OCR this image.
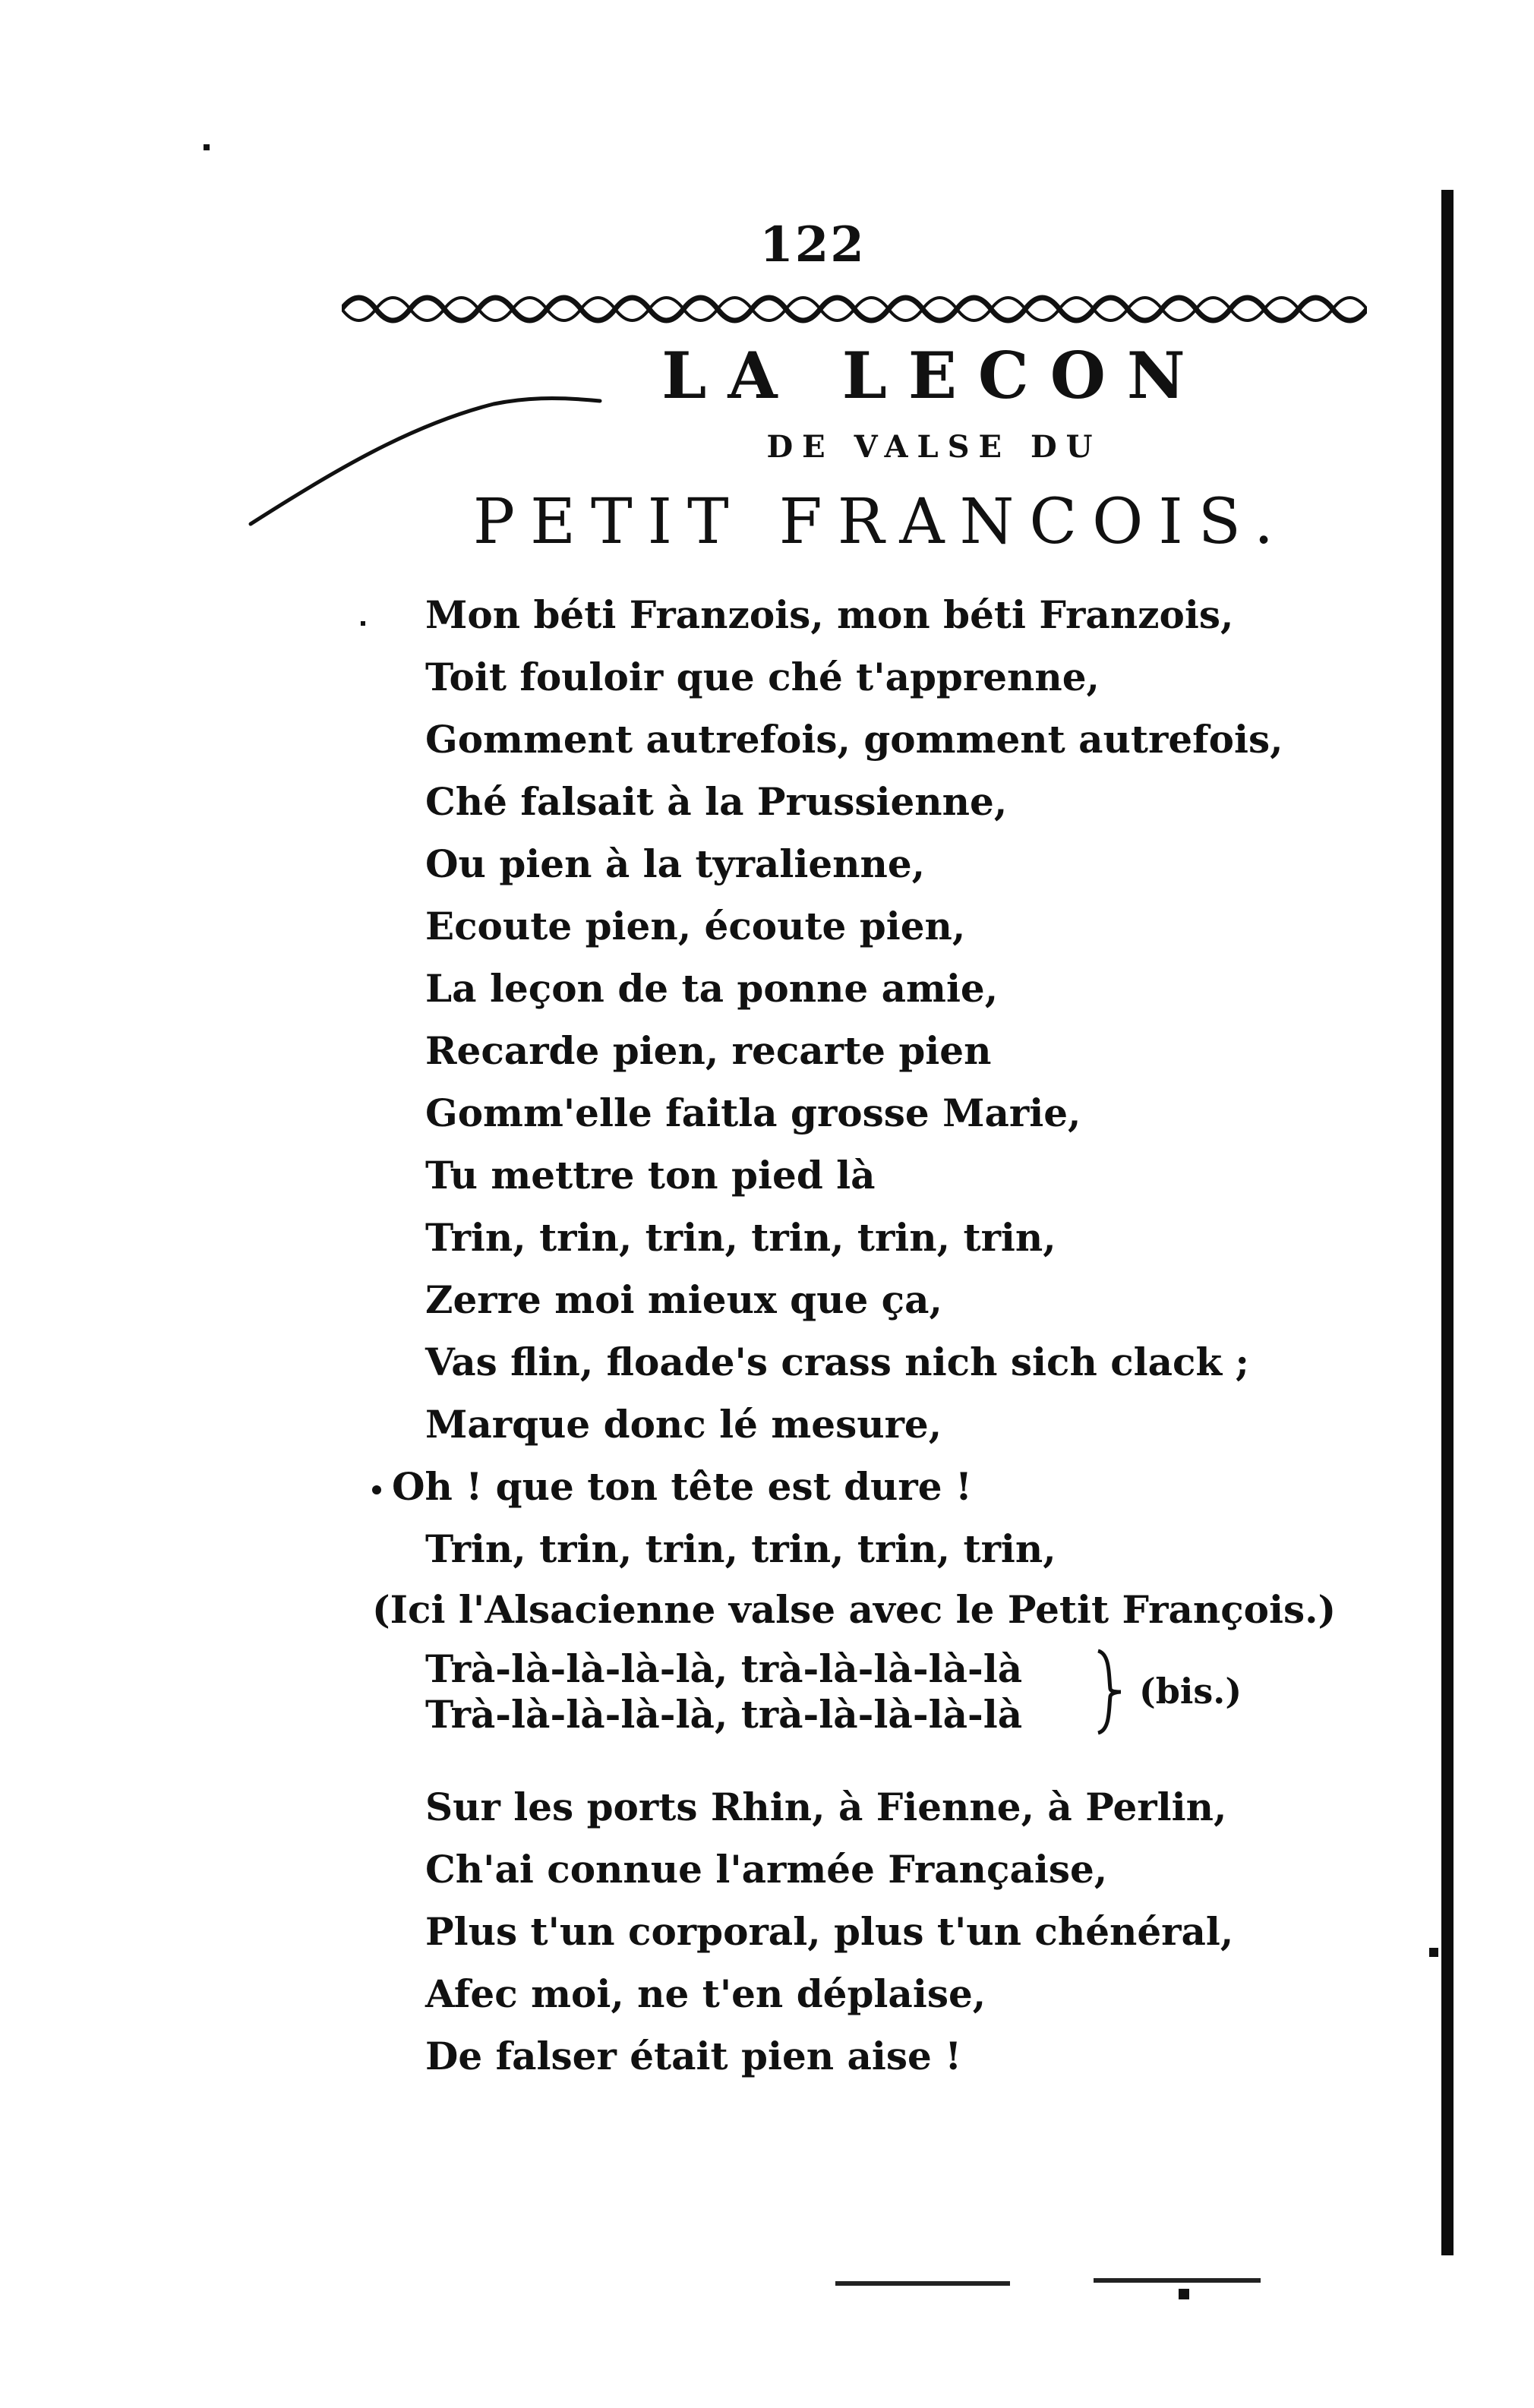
122
LA LECON
DE VALSE DU
PETIT FRANCOIS.
Mon béti Franzois, mon béti Franzois,
Toit fouloir que ché t'apprenne,
Gomment autrefois, gomment autrefois,
Ché falsait à la Prussienne,
Ou pien à la tyralienne,
Ecoute pien, écoute pien,
La leçon de ta ponne amie,
Recarde pien, recarte pien
Gomm'elle faitla grosse Marie,
Tu mettre ton pied là
Trin, trin, trin, trin, trin, trin,
Zerre moi mieux que ça,
Vas flin, floade's crass nich sich clack ;
Marque donc lé mesure,
Oh ! que ton tête est dure !
Trin, trin, trin, trin, trin, trin,
(Ici l'Alsacienne valse avec le Petit François.)
Trà-là-là-là-là, trà-là-là-là-là
Trà-là-là-là-là, trà-là-là-là-là
(bis.)
Sur les ports Rhin, à Fienne, à Perlin,
Ch'ai connue l'armée Française,
Plus t'un corporal, plus t'un chénéral,
Afec moi, ne t'en déplaise,
De falser était pien aise !
